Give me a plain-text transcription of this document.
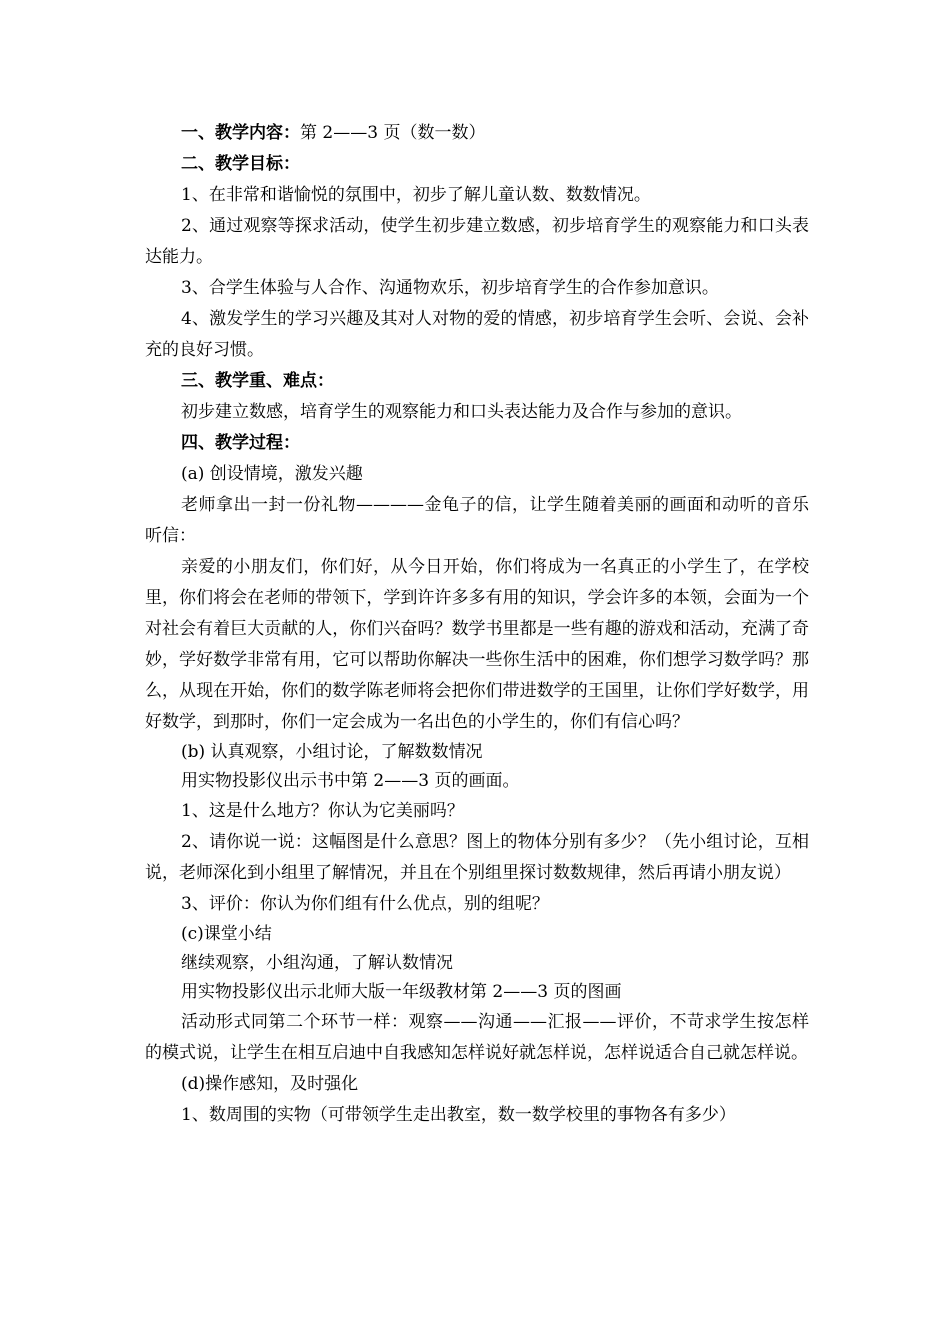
一、教学内容：第 2——3 页（数一数）

二、教学目标：

1、在非常和谐愉悦的氛围中，初步了解儿童认数、数数情况。

2、通过观察等探求活动，使学生初步建立数感，初步培育学生的观察能力和口头表达能力。

3、合学生体验与人合作、沟通物欢乐，初步培育学生的合作参加意识。

4、激发学生的学习兴趣及其对人对物的爱的情感，初步培育学生会听、会说、会补充的良好习惯。

三、教学重、难点：

初步建立数感，培育学生的观察能力和口头表达能力及合作与参加的意识。

四、教学过程：

(a) 创设情境，激发兴趣

老师拿出一封一份礼物————金龟子的信，让学生随着美丽的画面和动听的音乐听信：

亲爱的小朋友们，你们好，从今日开始，你们将成为一名真正的小学生了，在学校里，你们将会在老师的带领下，学到许许多多有用的知识，学会许多的本领，会面为一个对社会有着巨大贡献的人，你们兴奋吗？数学书里都是一些有趣的游戏和活动，充满了奇妙，学好数学非常有用，它可以帮助你解决一些你生活中的困难，你们想学习数学吗？那么，从现在开始，你们的数学陈老师将会把你们带进数学的王国里，让你们学好数学，用好数学，到那时，你们一定会成为一名出色的小学生的，你们有信心吗？

(b) 认真观察，小组讨论，了解数数情况

用实物投影仪出示书中第 2——3 页的画面。

1、这是什么地方？你认为它美丽吗？

2、请你说一说：这幅图是什么意思？图上的物体分别有多少？（先小组讨论，互相说，老师深化到小组里了解情况，并且在个别组里探讨数数规律，然后再请小朋友说）

3、评价：你认为你们组有什么优点，别的组呢？

(c)课堂小结

继续观察，小组沟通，了解认数情况

用实物投影仪出示北师大版一年级教材第 2——3 页的图画

活动形式同第二个环节一样：观察——沟通——汇报——评价，不苛求学生按怎样的模式说，让学生在相互启迪中自我感知怎样说好就怎样说，怎样说适合自己就怎样说。

(d)操作感知，及时强化

1、数周围的实物（可带领学生走出教室，数一数学校里的事物各有多少）
